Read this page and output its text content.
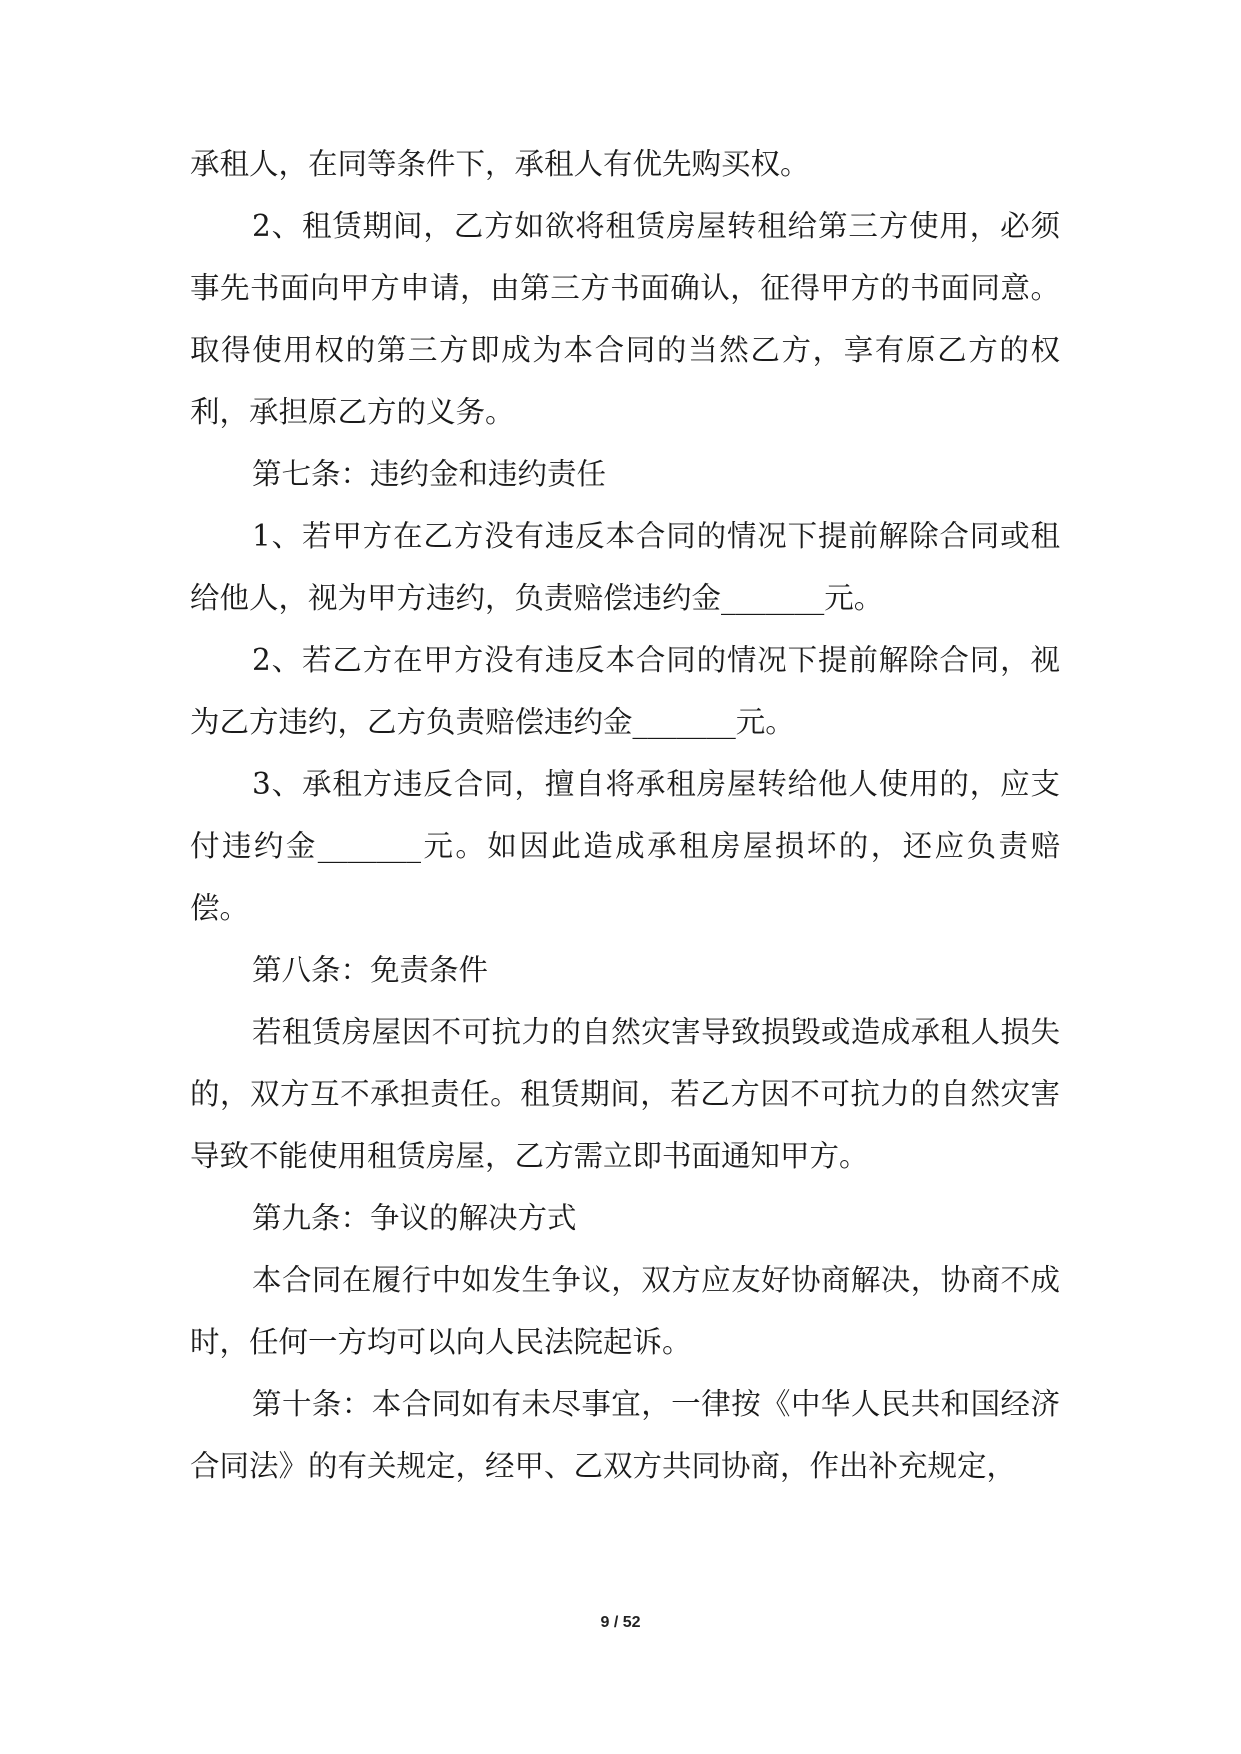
承租人，在同等条件下，承租人有优先购买权。

2、租赁期间，乙方如欲将租赁房屋转租给第三方使用，必须事先书面向甲方申请，由第三方书面确认，征得甲方的书面同意。取得使用权的第三方即成为本合同的当然乙方，享有原乙方的权利，承担原乙方的义务。

第七条：违约金和违约责任

1、若甲方在乙方没有违反本合同的情况下提前解除合同或租给他人，视为甲方违约，负责赔偿违约金_______元。

2、若乙方在甲方没有违反本合同的情况下提前解除合同，视为乙方违约，乙方负责赔偿违约金_______元。

3、承租方违反合同，擅自将承租房屋转给他人使用的，应支付违约金_______元。如因此造成承租房屋损坏的，还应负责赔偿。

第八条：免责条件

若租赁房屋因不可抗力的自然灾害导致损毁或造成承租人损失的，双方互不承担责任。租赁期间，若乙方因不可抗力的自然灾害导致不能使用租赁房屋，乙方需立即书面通知甲方。

第九条：争议的解决方式

本合同在履行中如发生争议，双方应友好协商解决，协商不成时，任何一方均可以向人民法院起诉。

第十条：本合同如有未尽事宜，一律按《中华人民共和国经济合同法》的有关规定，经甲、乙双方共同协商，作出补充规定，

9 / 52
